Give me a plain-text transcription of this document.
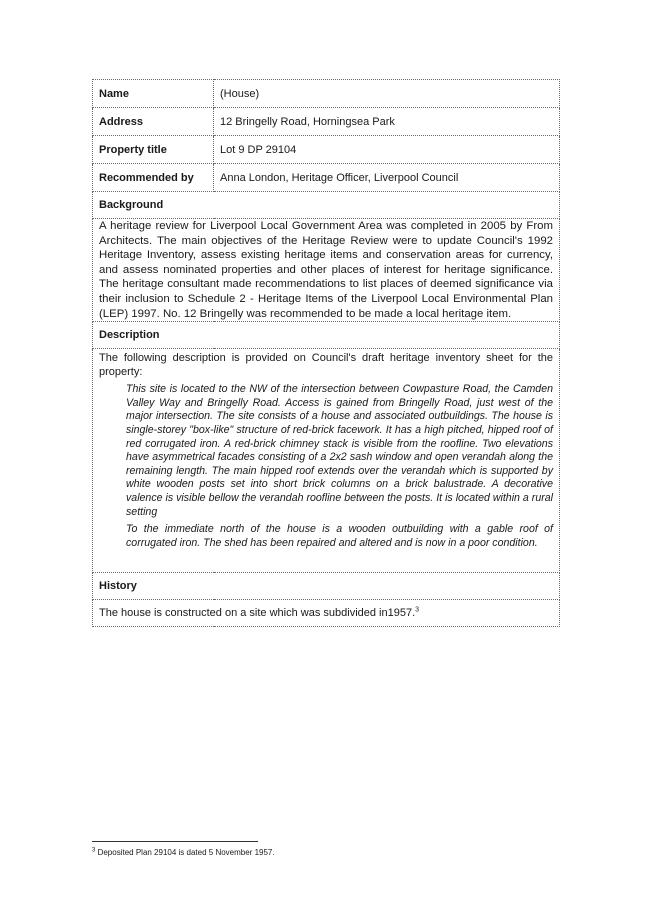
Name	(House)
Address	12 Bringelly Road, Horningsea Park
Property title	Lot 9 DP 29104
Recommended by	Anna London, Heritage Officer, Liverpool Council
Background	

A heritage review for Liverpool Local Government Area was completed in 2005 by From Architects. The main objectives of the Heritage Review were to update Council's 1992 Heritage Inventory, assess existing heritage items and conservation areas for currency, and assess nominated properties and other places of interest for heritage significance. The heritage consultant made recommendations to list places of deemed significance via their inclusion to Schedule 2 - Heritage Items of the Liverpool Local Environmental Plan (LEP) 1997. No. 12 Bringelly was recommended to be made a local heritage item.	

Description	

The following description is provided on Council's draft heritage inventory sheet for the property:

This site is located to the NW of the intersection between Cowpasture Road, the Camden Valley Way and Bringelly Road. Access is gained from Bringelly Road, just west of the major intersection. The site consists of a house and associated outbuildings. The house is single-storey "box-like" structure of red-brick facework. It has a high pitched, hipped roof of red corrugated iron. A red-brick chimney stack is visible from the roofline. Two elevations have asymmetrical facades consisting of a 2x2 sash window and open verandah along the remaining length. The main hipped roof extends over the verandah which is supported by white wooden posts set into short brick columns on a brick balustrade. A decorative valence is visible bellow the verandah roofline between the posts. It is located within a rural setting

To the immediate north of the house is a wooden outbuilding with a gable roof of corrugated iron. The shed has been repaired and altered and is now in a poor condition.	

History	

The house is constructed on a site which was subdivided in1957.$^3$

$^3$ Deposited Plan 29104 is dated 5 November 1957.
